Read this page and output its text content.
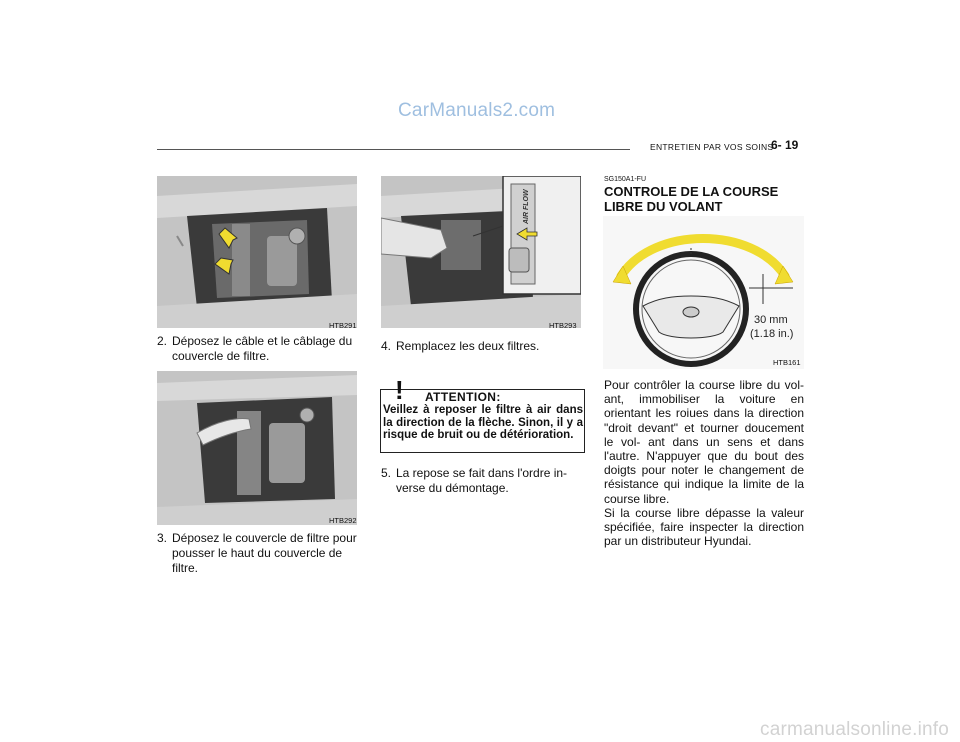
CarManuals2.com
ENTRETIEN PAR VOS SOINS
6- 19
HTB291
2. Déposez le câble et le câblage du couvercle de filtre.
HTB292
3. Déposez le couvercle de filtre pour pousser le haut du couvercle de filtre.
AIR FLOW
HTB293
4. Remplacez les deux filtres.
! ATTENTION:
Veillez à reposer le filtre à air dans la direction de la flèche. Sinon, il y a risque de bruit ou de détérioration.
5. La repose se fait dans l'ordre in- verse du démontage.
SG150A1-FU
CONTROLE DE LA COURSE LIBRE DU VOLANT
30 mm
(1.18 in.)
HTB161
Pour contrôler la course libre du vol- ant, immobiliser la voiture en orientant les roiues dans la direction "droit devant" et tourner doucement le vol- ant dans un sens et dans l'autre. N'appuyer que du bout des doigts pour noter le changement de résistance qui indique la limite de la course libre.
Si la course libre dépasse la valeur spécifiée, faire inspecter la direction par un distributeur Hyundai.
carmanualsonline.info
